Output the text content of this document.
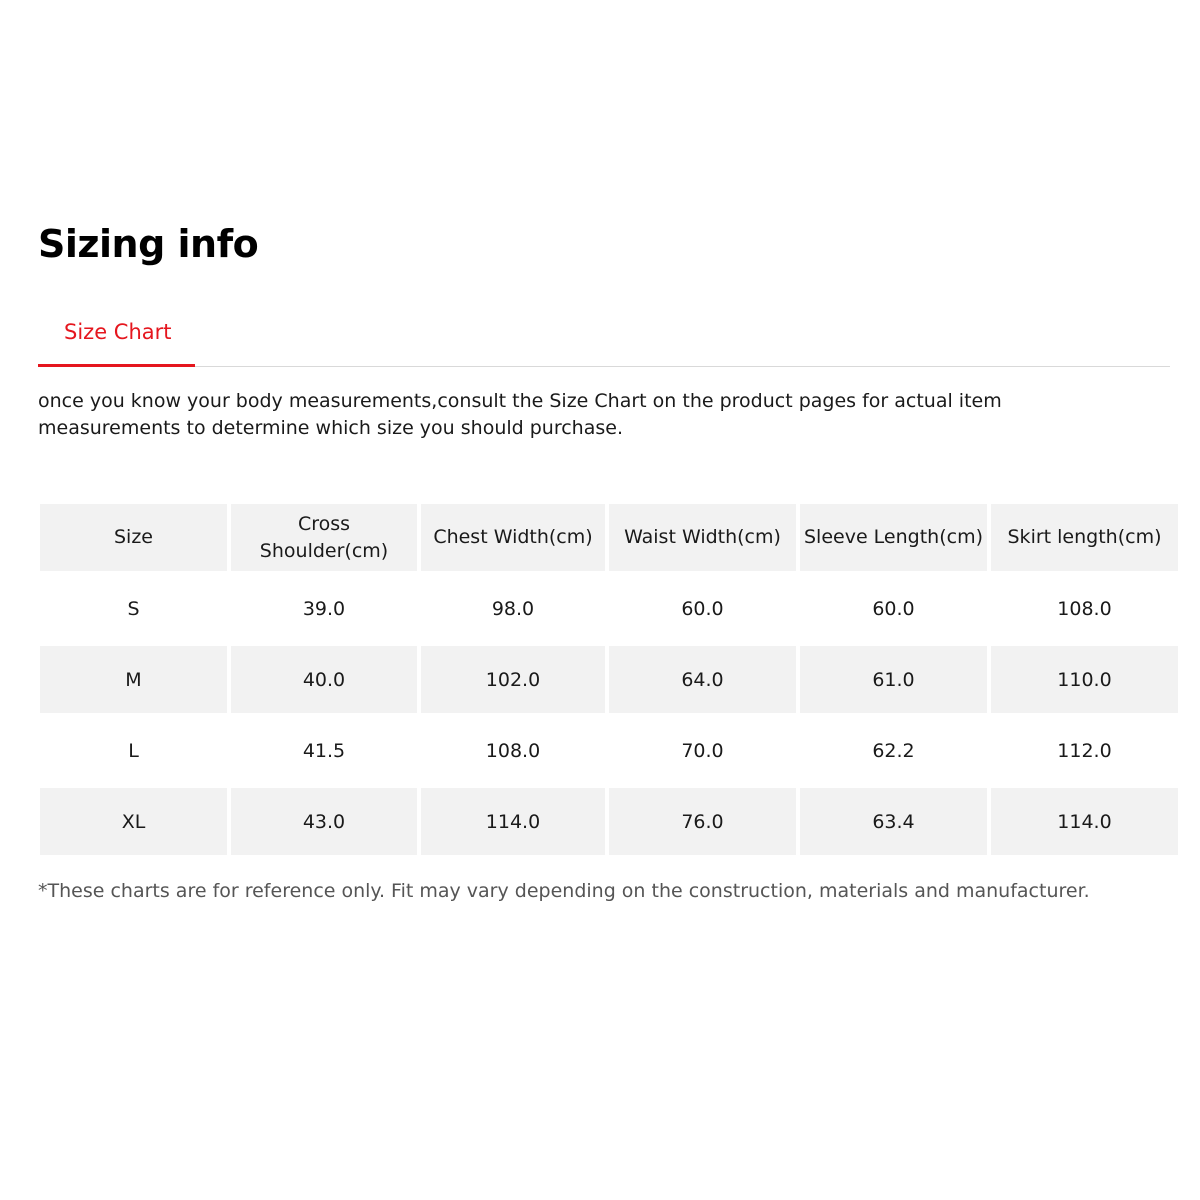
Sizing info
Size Chart

once you know your body measurements,consult the Size Chart on the product pages for actual item measurements to determine which size you should purchase.

Size	Cross Shoulder(cm)	Chest Width(cm)	Waist Width(cm)	Sleeve Length(cm)	Skirt length(cm)
S	39.0	98.0	60.0	60.0	108.0
M	40.0	102.0	64.0	61.0	110.0
L	41.5	108.0	70.0	62.2	112.0
XL	43.0	114.0	76.0	63.4	114.0

*These charts are for reference only. Fit may vary depending on the construction, materials and manufacturer.
